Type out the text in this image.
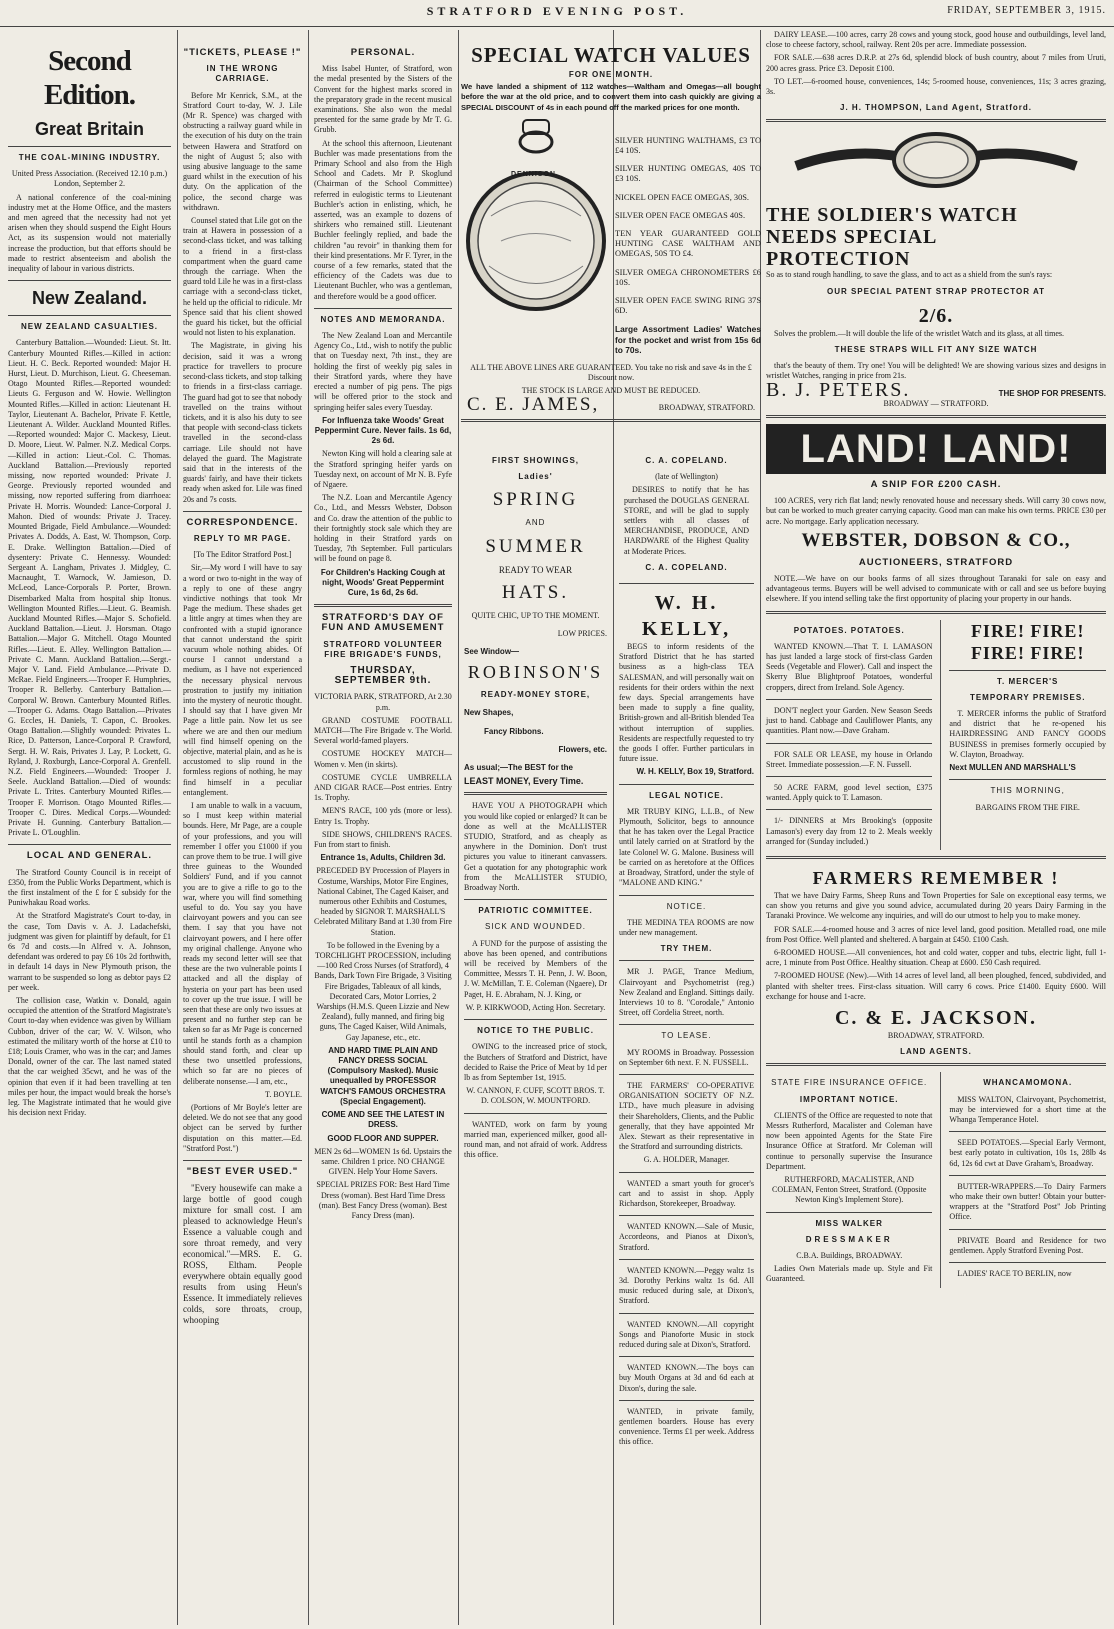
STRATFORD EVENING POST.	FRIDAY, SEPTEMBER 3, 1915.
Second Edition.
Great Britain
THE COAL-MINING INDUSTRY.

United Press Association. (Received 12.10 p.m.) London, September 2.

A national conference of the coal-mining industry met at the Home Office, and the masters and men agreed that the necessity had not yet arisen when they should suspend the Eight Hours Act, as its suspension would not materially increase the production, but that efforts should be made to restrict absenteeism and abolish the inequality of labour in various districts.

New Zealand.
NEW ZEALAND CASUALTIES.

Canterbury Battalion.—Wounded: Lieut. St. Itt. Canterbury Mounted Rifles.—Killed in action: Lieut. H. C. Beck. Reported wounded: Major H. Hurst, Lieut. D. Murchison, Lieut. G. Cheeseman. Otago Mounted Rifles.—Reported wounded: Lieuts G. Ferguson and W. Howie. Wellington Mounted Rifles.—Killed in action: Lieutenant H. Taylor, Lieutenant A. Bachelor, Private F. Kettle, Lieutenant A. Wilder. Auckland Mounted Rifles.—Reported wounded: Major C. Mackesy, Lieut. D. Moore, Lieut. W. Palmer. N.Z. Medical Corps.—Killed in action: Lieut.-Col. C. Thomas. Auckland Battalion.—Previously reported missing, now reported wounded: Private J. George. Previously reported wounded and missing, now reported suffering from diarrhoea: Private H. Morris. Wounded: Lance-Corporal J. Mahon. Died of wounds: Private J. Tracey. Mounted Brigade, Field Ambulance.—Wounded: Privates A. Dodds, A. East, W. Thompson, Corp. E. Drake. Wellington Battalion.—Died of dysentery: Private C. Hennessy. Wounded: Sergeant A. Langham, Privates J. Midgley, C. Macnaught, T. Warnock, W. Jamieson, D. McLeod, Lance-Corporals P. Porter, Brown. Disembarked Malta from hospital ship Itonus. Wellington Mounted Rifles.—Lieut. G. Beamish. Auckland Mounted Rifles.—Major S. Schofield. Auckland Battalion.—Lieut. J. Horsman. Otago Battalion.—Major G. Mitchell. Otago Mounted Rifles.—Lieut. E. Alley. Wellington Battalion.—Private C. Mann. Auckland Battalion.—Sergt.-Major V. Land. Field Ambulance.—Private D. McRae. Field Engineers.—Trooper F. Humphries, Trooper R. Bellerby. Canterbury Battalion.—Corporal W. Brown. Canterbury Mounted Rifles.—Trooper G. Adams. Otago Battalion.—Privates G. Eccles, H. Daniels, T. Capon, C. Brookes. Otago Battalion.—Slightly wounded: Privates L. Rice, D. Patterson, Lance-Corporal P. Crawford, Sergt. H. W. Rais, Privates J. Lay, P. Lockett, G. Ryland, J. Roxburgh, Lance-Corporal A. Grenfell. N.Z. Field Engineers.—Wounded: Trooper J. Seele. Auckland Battalion.—Died of wounds: Private L. Trites. Canterbury Mounted Rifles.—Trooper F. Morrison. Otago Mounted Rifles.—Trooper C. Dires. Medical Corps.—Wounded: Private H. Gunning. Canterbury Battalion.—Private L. O'Loughlin.

LOCAL AND GENERAL.

The Stratford County Council is in receipt of £350, from the Public Works Department, which is the first instalment of the £ for £ subsidy for the Puniwhakau Road works.

At the Stratford Magistrate's Court to-day, in the case, Tom Davis v. A. J. Ladachefski, judgment was given for plaintiff by default, for £1 6s 7d and costs.—In Alfred v. A. Johnson, defendant was ordered to pay £6 10s 2d forthwith, in default 14 days in New Plymouth prison, the warrant to be suspended so long as debtor pays £2 per week.

The collision case, Watkin v. Donald, again occupied the attention of the Stratford Magistrate's Court to-day when evidence was given by William Cubbon, driver of the car; W. V. Wilson, who estimated the military worth of the horse at £10 to £18; Louis Cramer, who was in the car; and James Donald, owner of the car. The last named stated that the car weighed 35cwt, and he was of the opinion that even if it had been travelling at ten miles per hour, the impact would break the horse's leg. The Magistrate intimated that he would give his decision next Friday.

"TICKETS, PLEASE !"
IN THE WRONG CARRIAGE.

Before Mr Kenrick, S.M., at the Stratford Court to-day, W. J. Lile (Mr R. Spence) was charged with obstructing a railway guard while in the execution of his duty on the train between Hawera and Stratford on the night of August 5; also with using abusive language to the same guard whilst in the execution of his duty. On the application of the police, the second charge was withdrawn.

Counsel stated that Lile got on the train at Hawera in possession of a second-class ticket, and was talking to a friend in a first-class compartment when the guard came through the carriage. When the guard told Lile he was in a first-class carriage with a second-class ticket, he held up the official to ridicule. Mr Spence said that his client showed the guard his ticket, but the official would not listen to his explanation.

The Magistrate, in giving his decision, said it was a wrong practice for travellers to procure second-class tickets, and stop talking to friends in a first-class carriage. The guard had got to see that nobody travelled on the trains without tickets, and it is also his duty to see that people with second-class tickets travelled in the second-class carriage. Lile should not have delayed the guard. The Magistrate said that in the interests of the guards' fairly, and have their tickets ready when asked for. Lile was fined 20s and 7s costs.

CORRESPONDENCE.
REPLY TO MR PAGE.

[To The Editor Stratford Post.]

Sir,—My word I will have to say a word or two to-night in the way of a reply to one of these angry vindictive nothings that took Mr Page the medium. These shades get a little angry at times when they are confronted with a stupid ignorance that cannot understand the spirit vacuum whole nothing abides. Of course I cannot understand a medium, as I have not experienced the necessary physical nervous prostration to justify my initiation into the mystery of neurotic thought. I should say that I have given Mr Page a little pain. Now let us see where we are and then our medium will find himself opening on the objective, material plain, and as he is accustomed to slip round in the formless regions of nothing, he may find himself in a peculiar entanglement.

I am unable to walk in a vacuum, so I must keep within material bounds. Here, Mr Page, are a couple of your professions, and you will remember I offer you £1000 if you can prove them to be true. I will give three guineas to the Wounded Soldiers' Fund, and if you cannot you are to give a rifle to go to the war, where you will find something useful to do. You say you have clairvoyant powers and you can see them. I say that you have not clairvoyant powers, and I here offer my original challenge. Anyone who reads my second letter will see that these are the two vulnerable points I attacked and all the display of hysteria on your part has been used to cover up the true issue. I will be seen that these are only two issues at present and no further step can be taken so far as Mr Page is concerned until he stands forth as a champion should stand forth, and clear up these two unsettled professions, which so far are no pieces of deliberate nonsense.—I am, etc.,

T. BOYLE.

(Portions of Mr Boyle's letter are deleted. We do not see that any good object can be served by further disputation on this matter.—Ed. "Stratford Post.")

"BEST EVER USED."

"Every housewife can make a large bottle of good cough mixture for small cost. I am pleased to acknowledge Heun's Essence a valuable cough and sore throat remedy, and very economical."—MRS. E. G. ROSS, Eltham. People everywhere obtain equally good results from using Heun's Essence. It immediately relieves colds, sore throats, croup, whooping

PERSONAL.

Miss Isabel Hunter, of Stratford, won the medal presented by the Sisters of the Convent for the highest marks scored in the preparatory grade in the recent musical examinations. She also won the medal presented for the same grade by Mr T. G. Grubb.

At the school this afternoon, Lieutenant Buchler was made presentations from the Primary School and also from the High School and Cadets. Mr P. Skoglund (Chairman of the School Committee) referred in eulogistic terms to Lieutenant Buchler's action in enlisting, which, he asserted, was an example to dozens of shirkers who remained still. Lieutenant Buchler feelingly replied, and bade the children "au revoir" in thanking them for their kind presentations. Mr F. Tyrer, in the course of a few remarks, stated that the efficiency of the Cadets was due to Lieutenant Buchler, who was a gentleman, and therefore would be a good officer.

NOTES AND MEMORANDA.

The New Zealand Loan and Mercantile Agency Co., Ltd., wish to notify the public that on Tuesday next, 7th inst., they are holding the first of weekly pig sales in their Stratford yards, where they have erected a number of pig pens. The pigs will be offered prior to the stock and springing heifer sales every Tuesday.

For Influenza take Woods' Great Peppermint Cure. Never fails. 1s 6d, 2s 6d.

Newton King will hold a clearing sale at the Stratford springing heifer yards on Tuesday next, on account of Mr N. B. Fyfe of Ngaere.

The N.Z. Loan and Mercantile Agency Co., Ltd., and Messrs Webster, Dobson and Co. draw the attention of the public to their fortnightly stock sale which they are holding in their Stratford yards on Tuesday, 7th September. Full particulars will be found on page 8.

For Children's Hacking Cough at night, Woods' Great Peppermint Cure, 1s 6d, 2s 6d.

STRATFORD'S DAY OF FUN AND AMUSEMENT
STRATFORD VOLUNTEER FIRE BRIGADE'S FUNDS,
THURSDAY, SEPTEMBER 9th.

VICTORIA PARK, STRATFORD, At 2.30 p.m.

GRAND COSTUME FOOTBALL MATCH—The Fire Brigade v. The World. Several world-famed players.

COSTUME HOCKEY MATCH—Women v. Men (in skirts).

COSTUME CYCLE UMBRELLA AND CIGAR RACE—Post entries. Entry 1s. Trophy.

MEN'S RACE, 100 yds (more or less). Entry 1s. Trophy.

SIDE SHOWS, CHILDREN'S RACES. Fun from start to finish.

Entrance 1s, Adults, Children 3d.

PRECEDED BY Procession of Players in Costume, Warships, Motor Fire Engines, National Cabinet, The Caged Kaiser, and numerous other Exhibits and Costumes, headed by SIGNOR T. MARSHALL'S Celebrated Military Band at 1.30 from Fire Station.

To be followed in the Evening by a TORCHLIGHT PROCESSION, including—100 Red Cross Nurses (of Stratford), 4 Bands, Dark Town Fire Brigade, 3 Visiting Fire Brigades, Tableaux of all kinds, Decorated Cars, Motor Lorries, 2 Warships (H.M.S. Queen Lizzie and New Zealand), fully manned, and firing big guns, The Caged Kaiser, Wild Animals, Gay Japanese, etc., etc.

AND HARD TIME PLAIN AND FANCY DRESS SOCIAL (Compulsory Masked). Music unequalled by PROFESSOR WATCH'S FAMOUS ORCHESTRA (Special Engagement).

COME AND SEE THE LATEST IN DRESS.

GOOD FLOOR AND SUPPER.

MEN 2s 6d—WOMEN 1s 6d. Upstairs the same. Children 1 price. NO CHANGE GIVEN. Help Your Home Savers.

SPECIAL PRIZES FOR: Best Hard Time Dress (woman). Best Hard Time Dress (man). Best Fancy Dress (woman). Best Fancy Dress (man).

SPECIAL WATCH VALUES
FOR ONE MONTH.

We have landed a shipment of 112 watches—Waltham and Omegas—all bought before the war at the old price, and to convert them into cash quickly are giving a SPECIAL DISCOUNT of 4s in each pound off the marked prices for one month.

DENNISON
SILVER HUNTING WALTHAMS, £3 TO £4 10S.
SILVER HUNTING OMEGAS, 40S TO £3 10S.
NICKEL OPEN FACE OMEGAS, 30S.
SILVER OPEN FACE OMEGAS 40S.
TEN YEAR GUARANTEED GOLD HUNTING CASE WALTHAM AND OMEGAS, 50S TO £4.
SILVER OMEGA CHRONOMETERS £6 10S.
SILVER OPEN FACE SWING RING 37S 6D.
Large Assortment Ladies' Watches for the pocket and wrist from 15s 6d to 70s.

ALL THE ABOVE LINES ARE GUARANTEED. You take no risk and save 4s in the £ Discount now.

THE STOCK IS LARGE AND MUST BE REDUCED.

C. E. JAMES,	BROADWAY, STRATFORD.
FIRST SHOWINGS,
Ladies'
SPRING
AND
SUMMER
READY TO WEAR
HATS.

QUITE CHIC, UP TO THE MOMENT.

LOW PRICES.

See Window—

ROBINSON'S
READY-MONEY STORE,

New Shapes,

Fancy Ribbons.

Flowers, etc.

As usual;—The BEST for the

LEAST MONEY, Every Time.

HAVE YOU A PHOTOGRAPH which you would like copied or enlarged? It can be done as well at the McALLISTER STUDIO, Stratford, and as cheaply as anywhere in the Dominion. Don't trust pictures you value to itinerant canvassers. Get a quotation for any photographic work from the McALLISTER STUDIO, Broadway North.

PATRIOTIC COMMITTEE.
SICK AND WOUNDED.

A FUND for the purpose of assisting the above has been opened, and contributions will be received by Members of the Committee, Messrs T. H. Penn, J. W. Boon, J. W. McMillan, T. E. Coleman (Ngaere), Dr Paget, H. E. Abraham, N. J. King, or

W. P. KIRKWOOD, Acting Hon. Secretary.

NOTICE TO THE PUBLIC.

OWING to the increased price of stock, the Butchers of Stratford and District, have decided to Raise the Price of Meat by 1d per lb as from September 1st, 1915.

W. CANNON, F. CUFF, SCOTT BROS. T. D. COLSON, W. MOUNTFORD.

WANTED, work on farm by young married man, experienced milker, good all-round man, and not afraid of work. Address this office.

C. A. COPELAND.

(late of Wellington)

DESIRES to notify that he has purchased the DOUGLAS GENERAL STORE, and will be glad to supply settlers with all classes of MERCHANDISE, PRODUCE, AND HARDWARE of the Highest Quality at Moderate Prices.

C. A. COPELAND.
W. H. KELLY,

BEGS to inform residents of the Stratford District that he has started business as a high-class TEA SALESMAN, and will personally wait on residents for their orders within the next few days. Special arrangements have been made to supply a fine quality, British-grown and all-British blended Tea without interruption of supplies. Residents are respectfully requested to try the goods I offer. Further particulars in future issue.

W. H. KELLY, Box 19, Stratford.

LEGAL NOTICE.

MR TRUBY KING, L.L.B., of New Plymouth, Solicitor, begs to announce that he has taken over the Legal Practice until lately carried on at Stratford by the late Colonel W. G. Malone. Business will be carried on as heretofore at the Offices at Broadway, Stratford, under the style of "MALONE AND KING."

NOTICE.

THE MEDINA TEA ROOMS are now under new management.

TRY THEM.

MR J. PAGE, Trance Medium, Clairvoyant and Psychometrist (reg.) New Zealand and England. Sittings daily. Interviews 10 to 8. "Corodale," Antonio Street, off Cordelia Street, north.

TO LEASE.

MY ROOMS in Broadway. Possession on September 6th next. F. N. FUSSELL.

THE FARMERS' CO-OPERATIVE ORGANISATION SOCIETY OF N.Z. LTD., have much pleasure in advising their Shareholders, Clients, and the Public generally, that they have appointed Mr Alex. Stewart as their representative in the Stratford and surrounding districts.

G. A. HOLDER, Manager.

WANTED a smart youth for grocer's cart and to assist in shop. Apply Richardson, Storekeeper, Broadway.

WANTED KNOWN.—Sale of Music, Accordeons, and Pianos at Dixon's, Stratford.

WANTED KNOWN.—Peggy waltz 1s 3d. Dorothy Perkins waltz 1s 6d. All music reduced during sale, at Dixon's, Stratford.

WANTED KNOWN.—All copyright Songs and Pianoforte Music in stock reduced during sale at Dixon's, Stratford.

WANTED KNOWN.—The boys can buy Mouth Organs at 3d and 6d each at Dixon's, during the sale.

WANTED, in private family, gentlemen boarders. House has every convenience. Terms £1 per week. Address this office.

DAIRY LEASE.—100 acres, carry 28 cows and young stock, good house and outbuildings, level land, close to cheese factory, school, railway. Rent 20s per acre. Immediate possession.

FOR SALE.—638 acres D.R.P. at 27s 6d, splendid block of bush country, about 7 miles from Uruti, 200 acres grass. Price £3. Deposit £100.

TO LET.—6-roomed house, conveniences, 14s; 5-roomed house, conveniences, 11s; 3 acres grazing, 3s.

J. H. THOMPSON, Land Agent, Stratford.
THE SOLDIER'S WATCH
NEEDS SPECIAL
PROTECTION

So as to stand rough handling, to save the glass, and to act as a shield from the sun's rays:

OUR SPECIAL PATENT STRAP PROTECTOR AT
2/6.

Solves the problem.—It will double the life of the wristlet Watch and its glass, at all times.

THESE STRAPS WILL FIT ANY SIZE WATCH

that's the beauty of them. Try one! You will be delighted! We are showing various sizes and designs in wristlet Watches, ranging in price from 21s.

B. J. PETERS.	THE SHOP FOR PRESENTS.

BROADWAY — STRATFORD.

LAND! LAND!
A SNIP FOR £200 CASH.

100 ACRES, very rich flat land; newly renovated house and necessary sheds. Will carry 30 cows now, but can be worked to much greater carrying capacity. Good man can make his own terms. PRICE £30 per acre. No mortgage. Early application necessary.

WEBSTER, DOBSON & CO.,
AUCTIONEERS, STRATFORD

NOTE.—We have on our books farms of all sizes throughout Taranaki for sale on easy and advantageous terms. Buyers will be well advised to communicate with or call and see us before buying elsewhere. If you intend selling take the first opportunity of placing your property in our hands.

POTATOES. POTATOES.

WANTED KNOWN.—That T. I. LAMASON has just landed a large stock of first-class Garden Seeds (Vegetable and Flower). Call and inspect the Skerry Blue Blightproof Potatoes, wonderful croppers, direct from Ireland. Sole Agency.

DON'T neglect your Garden. New Season Seeds just to hand. Cabbage and Cauliflower Plants, any quantities. Plant now.—Dave Graham.

FOR SALE OR LEASE, my house in Orlando Street. Immediate possession.—F. N. Fussell.

50 ACRE FARM, good level section, £375 wanted. Apply quick to T. Lamason.

1/- DINNERS at Mrs Brooking's (opposite Lamason's) every day from 12 to 2. Meals weekly arranged for (Sunday included.)

FIRE! FIRE! FIRE! FIRE!
T. MERCER'S
TEMPORARY PREMISES.

T. MERCER informs the public of Stratford and district that he re-opened his HAIRDRESSING AND FANCY GOODS BUSINESS in premises formerly occupied by W. Clayton, Broadway.

Next MULLEN AND MARSHALL'S

THIS MORNING,

BARGAINS FROM THE FIRE.

FARMERS REMEMBER !

That we have Dairy Farms, Sheep Runs and Town Properties for Sale on exceptional easy terms, we can show you returns and give you sound advice, accumulated during 20 years Dairy Farming in the Taranaki Province. We welcome any inquiries, and will do our utmost to help you to make money.

FOR SALE.—4-roomed house and 3 acres of nice level land, good position. Metalled road, one mile from Post Office. Well planted and sheltered. A bargain at £450. £100 Cash.

6-ROOMED HOUSE.—All conveniences, hot and cold water, copper and tubs, electric light, full 1-acre, 1 minute from Post Office. Healthy situation. Cheap at £600. £50 Cash required.

7-ROOMED HOUSE (New).—With 14 acres of level land, all been ploughed, fenced, subdivided, and planted with shelter trees. First-class situation. Will carry 6 cows. Price £1400. Equity £600. Will exchange for house and 1-acre.

C. & E. JACKSON.

BROADWAY, STRATFORD.

LAND AGENTS.
STATE FIRE INSURANCE OFFICE.
IMPORTANT NOTICE.

CLIENTS of the Office are requested to note that Messrs Rutherford, Macalister and Coleman have now been appointed Agents for the State Fire Insurance Office at Stratford. Mr Coleman will continue to personally supervise the Insurance Department.

RUTHERFORD, MACALISTER, AND COLEMAN, Fenton Street, Stratford. (Opposite Newton King's Implement Store).

MISS WALKER
DRESSMAKER

C.B.A. Buildings, BROADWAY.

Ladies Own Materials made up. Style and Fit Guaranteed.

WHANCAMOMONA.

MISS WALTON, Clairvoyant, Psychometrist, may be interviewed for a short time at the Whanga Temperance Hotel.

SEED POTATOES.—Special Early Vermont, best early potato in cultivation, 10s 1s, 28lb 4s 6d, 12s 6d cwt at Dave Graham's, Broadway.

BUTTER-WRAPPERS.—To Dairy Farmers who make their own butter! Obtain your butter-wrappers at the "Stratford Post" Job Printing Office.

PRIVATE Board and Residence for two gentlemen. Apply Stratford Evening Post.

LADIES' RACE TO BERLIN, now
